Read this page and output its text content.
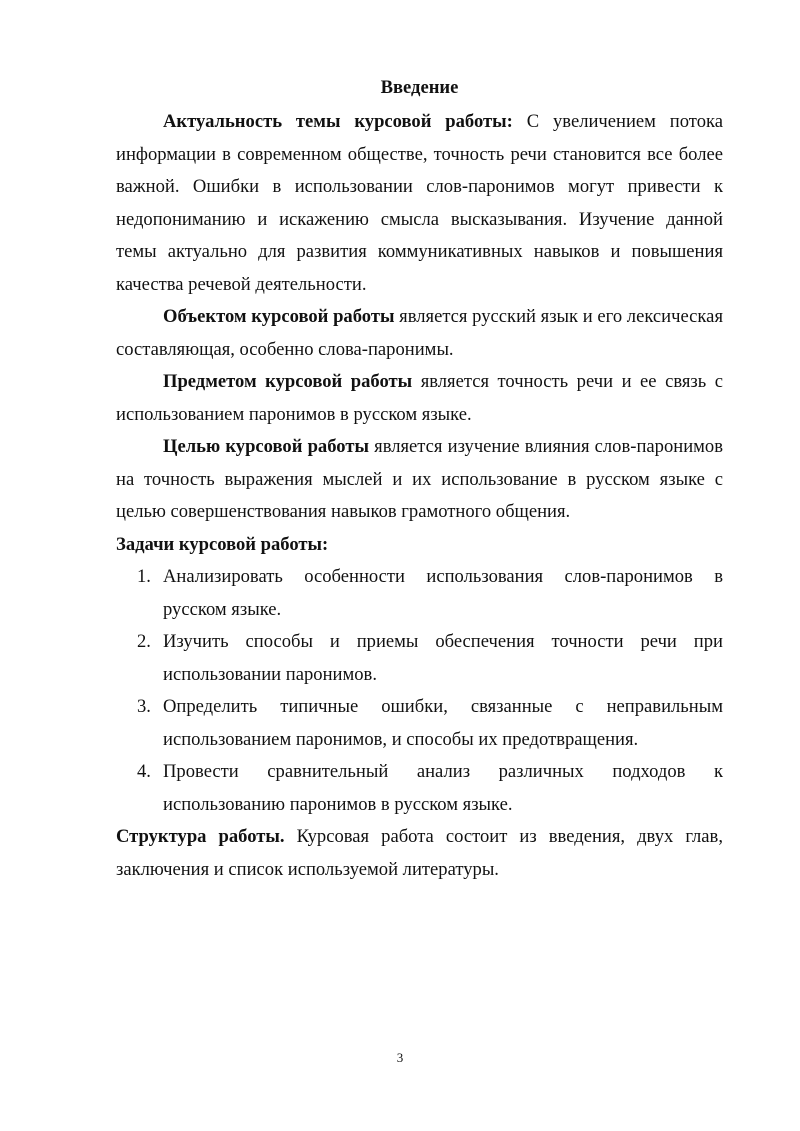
Введение

Актуальность темы курсовой работы: С увеличением потока информации в современном обществе, точность речи становится все более важной. Ошибки в использовании слов-паронимов могут привести к недопониманию и искажению смысла высказывания. Изучение данной темы актуально для развития коммуникативных навыков и повышения качества речевой деятельности.

Объектом курсовой работы является русский язык и его лексическая составляющая, особенно слова-паронимы.

Предметом курсовой работы является точность речи и ее связь с использованием паронимов в русском языке.

Целью курсовой работы является изучение влияния слов-паронимов на точность выражения мыслей и их использование в русском языке с целью совершенствования навыков грамотного общения.

Задачи курсовой работы:

1. Анализировать особенности использования слов-паронимов в русском языке.
2. Изучить способы и приемы обеспечения точности речи при использовании паронимов.
3. Определить типичные ошибки, связанные с неправильным использованием паронимов, и способы их предотвращения.
4. Провести сравнительный анализ различных подходов к использованию паронимов в русском языке.

Структура работы. Курсовая работа состоит из введения, двух глав, заключения и список используемой литературы.

3
